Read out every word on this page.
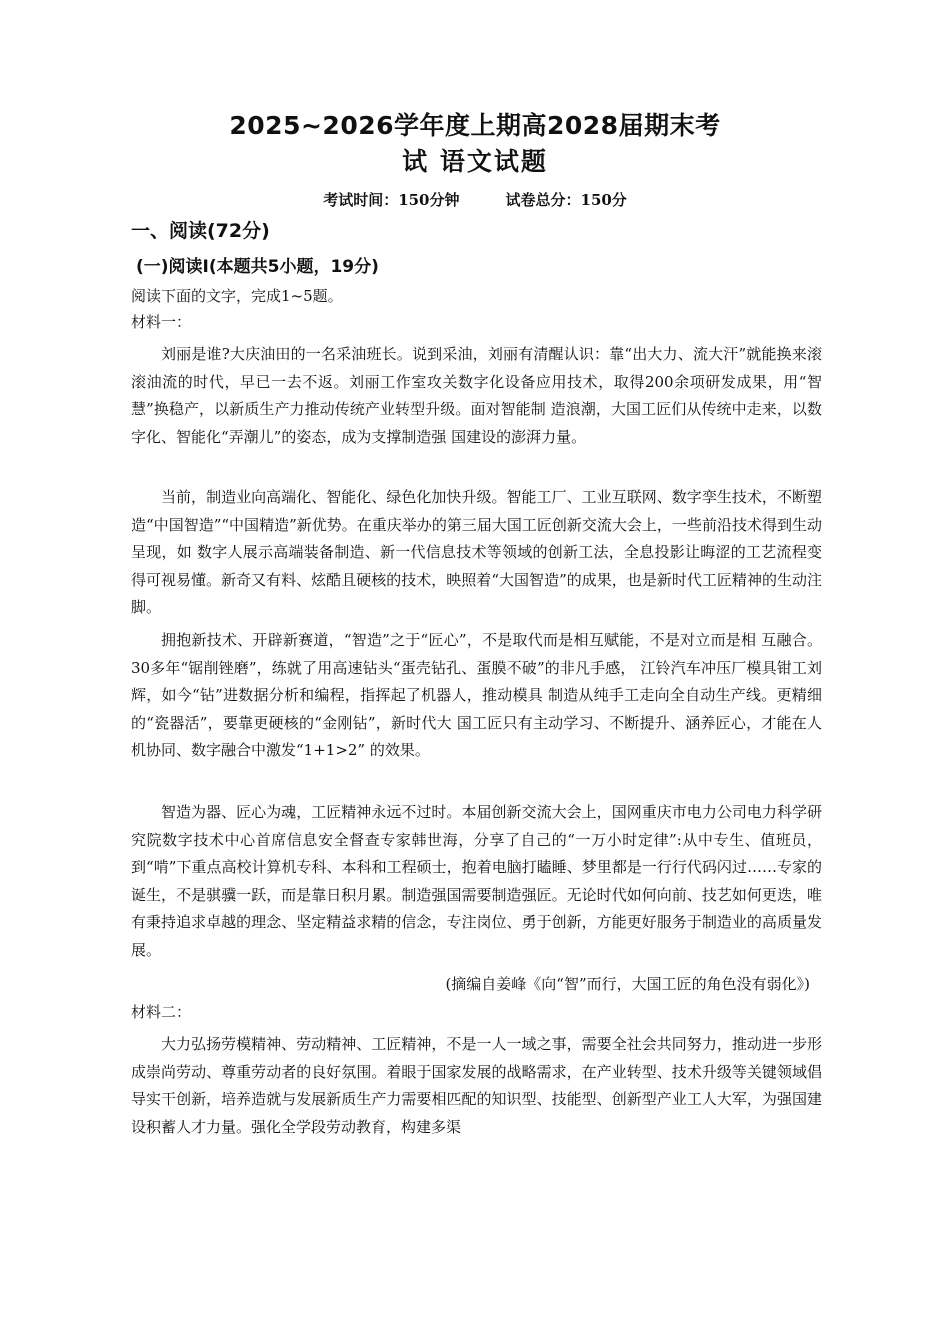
2025~2026学年度上期高2028届期末考
试 语文试题
考试时间：150分钟	试卷总分：150分
一、阅读(72分)
(一)阅读Ⅰ(本题共5小题，19分)
阅读下面的文字，完成1~5题。
材料一：

刘丽是谁?大庆油田的一名采油班长。说到采油，刘丽有清醒认识：靠“出大力、流大汗”就能换来滚滚油流的时代，早已一去不返。刘丽工作室攻关数字化设备应用技术，取得200余项研发成果，用“智慧”换稳产，以新质生产力推动传统产业转型升级。面对智能制 造浪潮，大国工匠们从传统中走来，以数字化、智能化“弄潮儿”的姿态，成为支撑制造强 国建设的澎湃力量。

当前，制造业向高端化、智能化、绿色化加快升级。智能工厂、工业互联网、数字孪生技术，不断塑造“中国智造”“中国精造”新优势。在重庆举办的第三届大国工匠创新交流大会上，一些前沿技术得到生动呈现，如 数字人展示高端装备制造、新一代信息技术等领域的创新工法，全息投影让晦涩的工艺流程变得可视易懂。新奇又有料、炫酷且硬核的技术，映照着“大国智造”的成果，也是新时代工匠精神的生动注脚。

拥抱新技术、开辟新赛道，“智造”之于“匠心”，不是取代而是相互赋能，不是对立而是相 互融合。30多年“锯削锉磨”，练就了用高速钻头“蛋壳钻孔、蛋膜不破”的非凡手感， 江铃汽车冲压厂模具钳工刘辉，如今“钻”进数据分析和编程，指挥起了机器人，推动模具 制造从纯手工走向全自动生产线。更精细的“瓷器活”，要靠更硬核的“金刚钻”，新时代大 国工匠只有主动学习、不断提升、涵养匠心，才能在人机协同、数字融合中激发“1+1>2” 的效果。

智造为器、匠心为魂，工匠精神永远不过时。本届创新交流大会上，国网重庆市电力公司电力科学研究院数字技术中心首席信息安全督查专家韩世海，分享了自己的“一万小时定律”:从中专生、值班员，到“啃”下重点高校计算机专科、本科和工程硕士，抱着电脑打瞌睡、梦里都是一行行代码闪过……专家的诞生，不是骐骥一跃，而是靠日积月累。制造强国需要制造强匠。无论时代如何向前、技艺如何更迭，唯有秉持追求卓越的理念、坚定精益求精的信念，专注岗位、勇于创新，方能更好服务于制造业的高质量发展。

(摘编自姜峰《向“智”而行，大国工匠的角色没有弱化》)
材料二：

大力弘扬劳模精神、劳动精神、工匠精神，不是一人一域之事，需要全社会共同努力，推动进一步形成崇尚劳动、尊重劳动者的良好氛围。着眼于国家发展的战略需求，在产业转型、技术升级等关键领域倡导实干创新，培养造就与发展新质生产力需要相匹配的知识型、技能型、创新型产业工人大军，为强国建设积蓄人才力量。强化全学段劳动教育，构建多渠
